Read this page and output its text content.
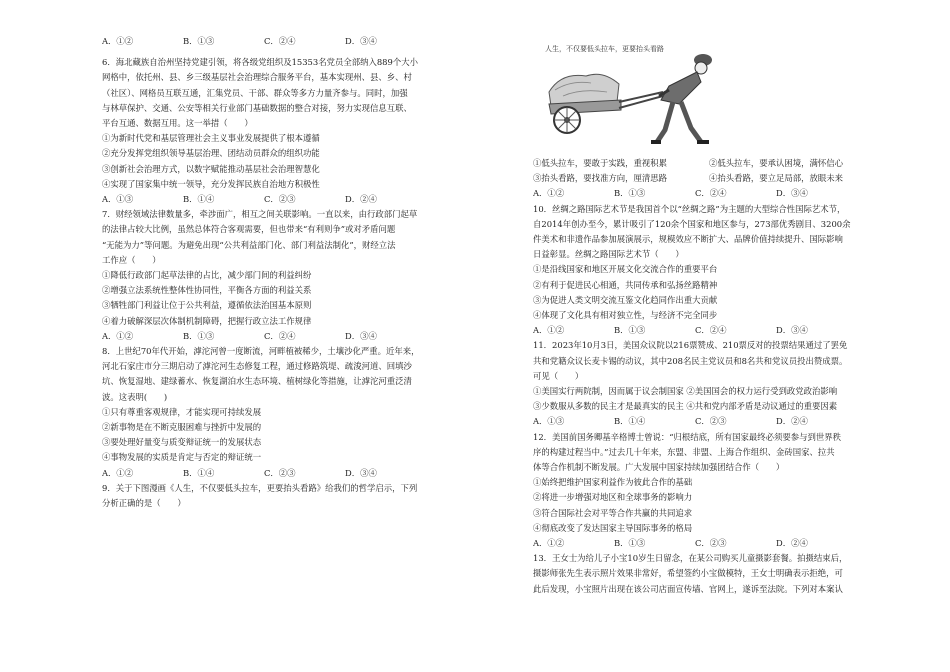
A．①②	B．①③	C．②④	D．③④

6．海北藏族自治州坚持党建引领，将各级党组织及15353名党员全部纳入889个大小

网格中，依托州、县、乡三级基层社会治理综合服务平台，基本实现州、县、乡、村

（社区）、网格员互联互通，汇集党员、干部、群众等多方力量齐参与。同时，加强

与林草保护、交通、公安等相关行业部门基础数据的整合对接，努力实现信息互联、

平台互通、数据互用。这一举措（　　）

①为新时代党和基层管理社会主义事业发展提供了根本遵循

②充分发挥党组织领导基层治理、团结动员群众的组织功能

③创新社会治理方式，以数字赋能推动基层社会治理智慧化

④实现了国家集中统一领导，充分发挥民族自治地方积极性

A．①③	B．①④	C．②③	D．②④

7．财经领域法律数量多，牵涉面广，相互之间关联影响。一直以来，由行政部门起草

的法律占较大比例，虽然总体符合客观需要，但也带来“有利则争”或对矛盾问题

“无能为力”等问题。为避免出现“公共利益部门化、部门利益法制化”，财经立法

工作应（　　）

①降低行政部门起草法律的占比，减少部门间的利益纠纷

②增强立法系统性整体性协同性，平衡各方面的利益关系

③牺牲部门利益让位于公共利益，遵循依法治国基本原则

④着力破解深层次体制机制障碍，把握行政立法工作规律

A．①②	B．①③	C．②④	D．③④

8．上世纪70年代开始，滹沱河曾一度断流，河畔植被稀少，土壤沙化严重。近年来，

河北石家庄市分三期启动了滹沱河生态修复工程，通过修路筑堤、疏浚河道、回填沙

坑、恢复湿地、建绿蓄水、恢复湖泊水生态环境、植树绿化等措施，让滹沱河重泛清

波。这表明(　　)

①只有尊重客观规律，才能实现可持续发展

②新事物是在不断克服困难与挫折中发展的

③要处理好量变与质变辩证统一的发展状态

④事物发展的实质是肯定与否定的辩证统一

A．①②	B．①④	C．②③	D．③④

9．关于下图漫画《人生，不仅要低头拉车，更要抬头看路》给我们的哲学启示，下列

分析正确的是（　　）

人生，不仅要低头拉车，更要抬头看路

①低头拉车，要敢于实践，重视积累	②低头拉车，要承认困境，满怀信心

③抬头看路，要找准方向，厘清思路	④抬头看路，要立足局部，放眼未来

A．①②	B．①③	C．②④	D．③④

10．丝绸之路国际艺术节是我国首个以“丝绸之路”为主题的大型综合性国际艺术节，

自2014年创办至今，累计吸引了120余个国家和地区参与，273部优秀剧目、3200余

件美术和非遗作品参加展演展示，规模效应不断扩大、品牌价值持续提升、国际影响

日益彰显。丝绸之路国际艺术节（　　）

①是沿线国家和地区开展文化交流合作的重要平台

②有利于促进民心相通，共同传承和弘扬丝路精神

③为促进人类文明交流互鉴文化趋同作出重大贡献

④体现了文化具有相对独立性，与经济不完全同步

A．①②	B．①③	C．②④	D．③④

11．2023年10月3日，美国众议院以216票赞成、210票反对的投票结果通过了罢免

共和党籍众议长麦卡锡的动议，其中208名民主党议员和8名共和党议员投出赞成票。

可见（　　）

①美国实行两院制，因而属于议会制国家 ②美国国会的权力运行受到政党政治影响

③少数服从多数的民主才是最真实的民主 ④共和党内部矛盾是动议通过的重要因素

A．①③	B．①④	C．②③	D．②④

12．美国前国务卿基辛格博士曾说：“归根结底，所有国家最终必须要参与到世界秩

序的构建过程当中。”过去几十年来，东盟、非盟、上海合作组织、金砖国家、拉共

体等合作机制不断发展。广大发展中国家持续加强团结合作（　　）

①始终把维护国家利益作为彼此合作的基础

②将进一步增强对地区和全球事务的影响力

③符合国际社会对平等合作共赢的共同追求

④彻底改变了发达国家主导国际事务的格局

A．①②	B．①③	C．②③	D．②④

13．王女士为给儿子小宝10岁生日留念，在某公司购买儿童摄影套餐。拍摄结束后，

摄影师张先生表示照片效果非常好，希望签约小宝做模特，王女士明确表示拒绝，可

此后发现，小宝照片出现在该公司店面宣传墙、官网上，遂诉至法院。下列对本案认
